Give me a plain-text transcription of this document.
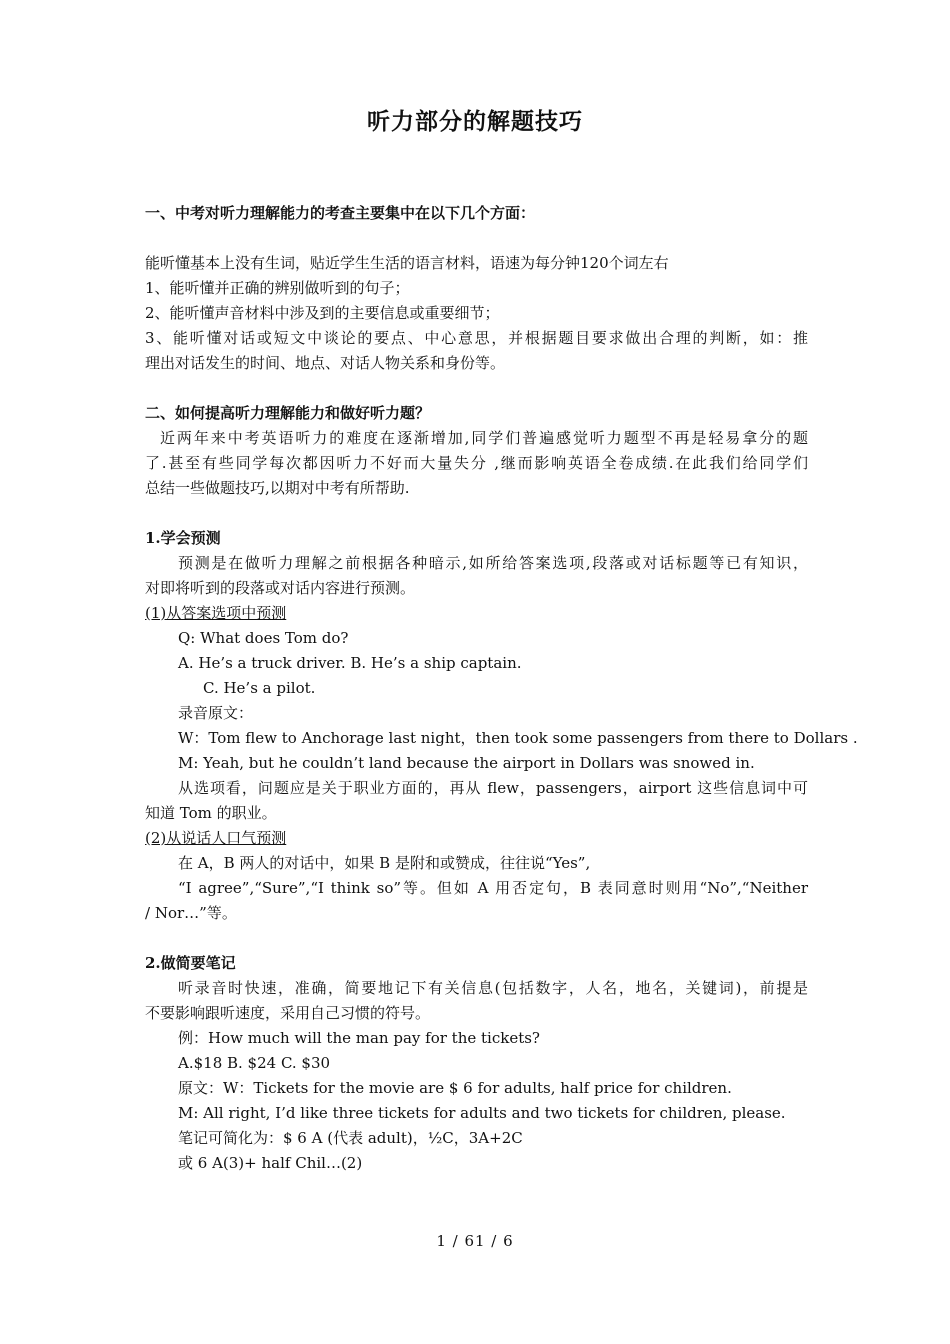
听力部分的解题技巧
一、中考对听力理解能力的考查主要集中在以下几个方面：
能听懂基本上没有生词，贴近学生生活的语言材料，语速为每分钟120个词左右
1、能听懂并正确的辨别做听到的句子；
2、能听懂声音材料中涉及到的主要信息或重要细节；
3、能听懂对话或短文中谈论的要点、中心意思，并根据题目要求做出合理的判断，如：推
理出对话发生的时间、地点、对话人物关系和身份等。
二、如何提高听力理解能力和做好听力题？
近两年来中考英语听力的难度在逐渐增加,同学们普遍感觉听力题型不再是轻易拿分的题
了.甚至有些同学每次都因听力不好而大量失分 ,继而影响英语全卷成绩.在此我们给同学们
总结一些做题技巧,以期对中考有所帮助.
1.学会预测
预测是在做听力理解之前根据各种暗示,如所给答案选项,段落或对话标题等已有知识，
对即将听到的段落或对话内容进行预测。
(1)从答案选项中预测
Q: What does Tom do?
A. He’s a truck driver. B. He’s a ship captain.
C. He’s a pilot.
录音原文：
W：Tom flew to Anchorage last night，then took some passengers from there to Dollars .
M: Yeah, but he couldn’t land because the airport in Dollars was snowed in.
从选项看，问题应是关于职业方面的，再从 flew，passengers，airport 这些信息词中可
知道 Tom 的职业。
(2)从说话人口气预测
在 A，B 两人的对话中，如果 B 是附和或赞成，往往说“Yes”,
“I agree”,“Sure”,“I think so”等。但如 A 用否定句，B 表同意时则用“No”,“Neither
/ Nor…”等。
2.做简要笔记
听录音时快速，准确，简要地记下有关信息(包括数字，人名，地名，关键词)，前提是
不要影响跟听速度，采用自己习惯的符号。
例：How much will the man pay for the tickets?
A.$18 B. $24 C. $30
原文：W：Tickets for the movie are $ 6 for adults, half price for children.
M: All right, I’d like three tickets for adults and two tickets for children, please.
笔记可简化为：$ 6 A (代表 adult)，½C，3A+2C
或 6 A(3)+ half Chil…(2)
1 / 61 / 6
